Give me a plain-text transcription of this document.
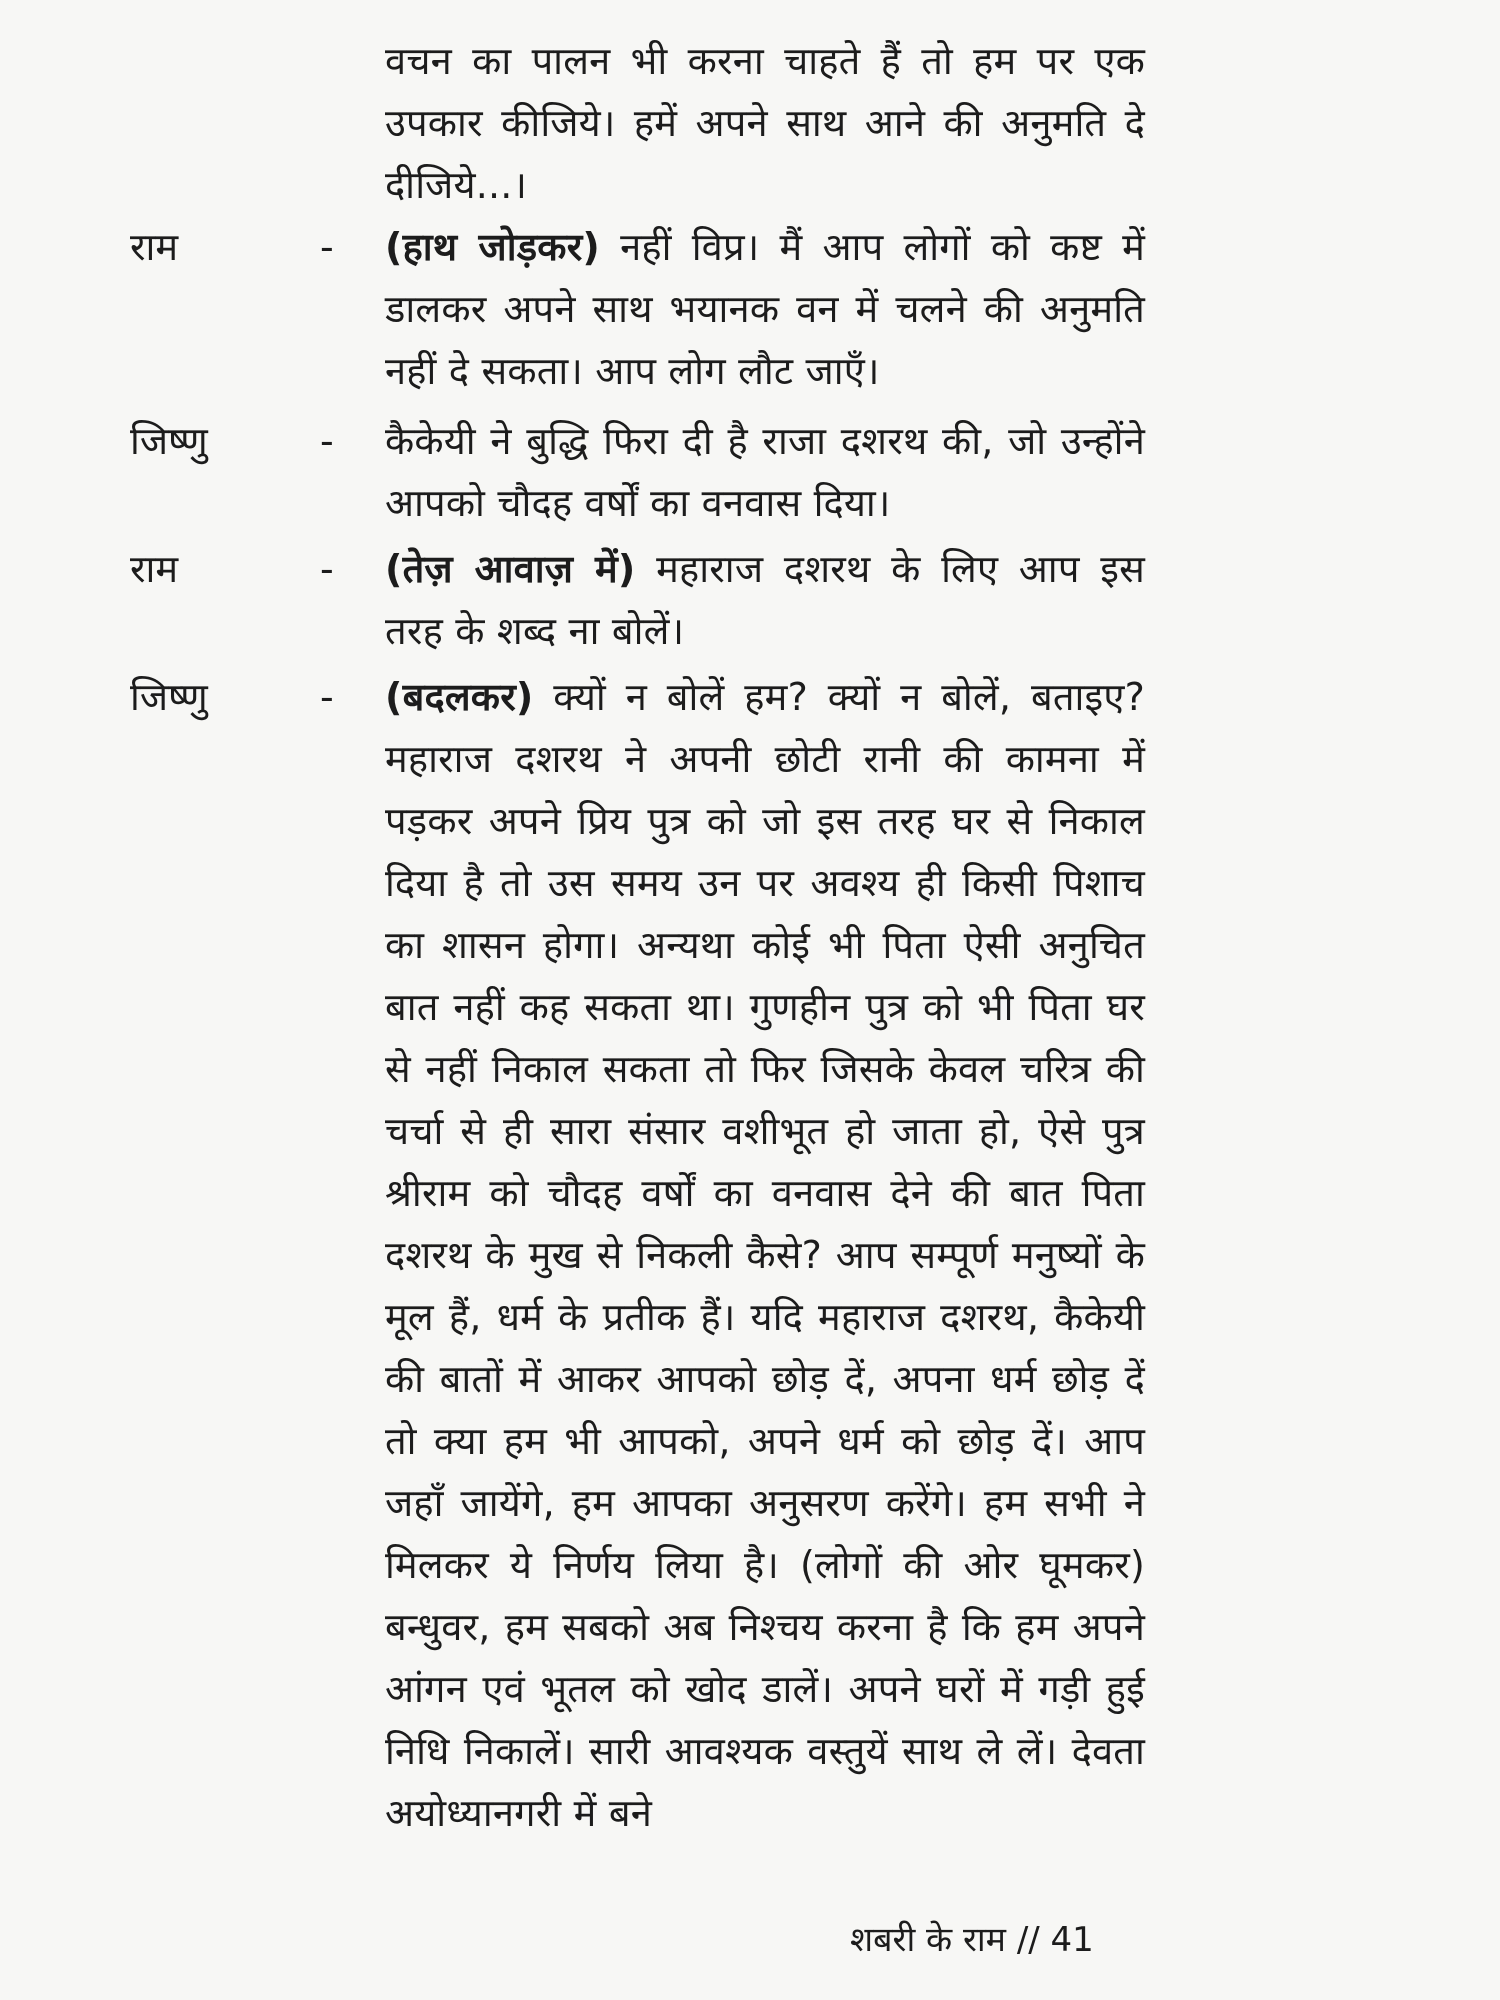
वचन का पालन भी करना चाहते हैं तो हम पर एक उपकार कीजिये। हमें अपने साथ आने की अनुमति दे दीजिये...।
राम	- (हाथ जोड़कर) नहीं विप्र। मैं आप लोगों को कष्ट में डालकर अपने साथ भयानक वन में चलने की अनुमति नहीं दे सकता। आप लोग लौट जाएँ।
जिष्णु	- कैकेयी ने बुद्धि फिरा दी है राजा दशरथ की, जो उन्होंने आपको चौदह वर्षों का वनवास दिया।
राम	- (तेज़ आवाज़ में) महाराज दशरथ के लिए आप इस तरह के शब्द ना बोलें।
जिष्णु	- (बदलकर) क्यों न बोलें हम? क्यों न बोलें, बताइए? महाराज दशरथ ने अपनी छोटी रानी की कामना में पड़कर अपने प्रिय पुत्र को जो इस तरह घर से निकाल दिया है तो उस समय उन पर अवश्य ही किसी पिशाच का शासन होगा। अन्यथा कोई भी पिता ऐसी अनुचित बात नहीं कह सकता था। गुणहीन पुत्र को भी पिता घर से नहीं निकाल सकता तो फिर जिसके केवल चरित्र की चर्चा से ही सारा संसार वशीभूत हो जाता हो, ऐसे पुत्र श्रीराम को चौदह वर्षों का वनवास देने की बात पिता दशरथ के मुख से निकली कैसे? आप सम्पूर्ण मनुष्यों के मूल हैं, धर्म के प्रतीक हैं। यदि महाराज दशरथ, कैकेयी की बातों में आकर आपको छोड़ दें, अपना धर्म छोड़ दें तो क्या हम भी आपको, अपने धर्म को छोड़ दें। आप जहाँ जायेंगे, हम आपका अनुसरण करेंगे। हम सभी ने मिलकर ये निर्णय लिया है। (लोगों की ओर घूमकर) बन्धुवर, हम सबको अब निश्चय करना है कि हम अपने आंगन एवं भूतल को खोद डालें। अपने घरों में गड़ी हुई निधि निकालें। सारी आवश्यक वस्तुयें साथ ले लें। देवता अयोध्यानगरी में बने
शबरी के राम // 41
